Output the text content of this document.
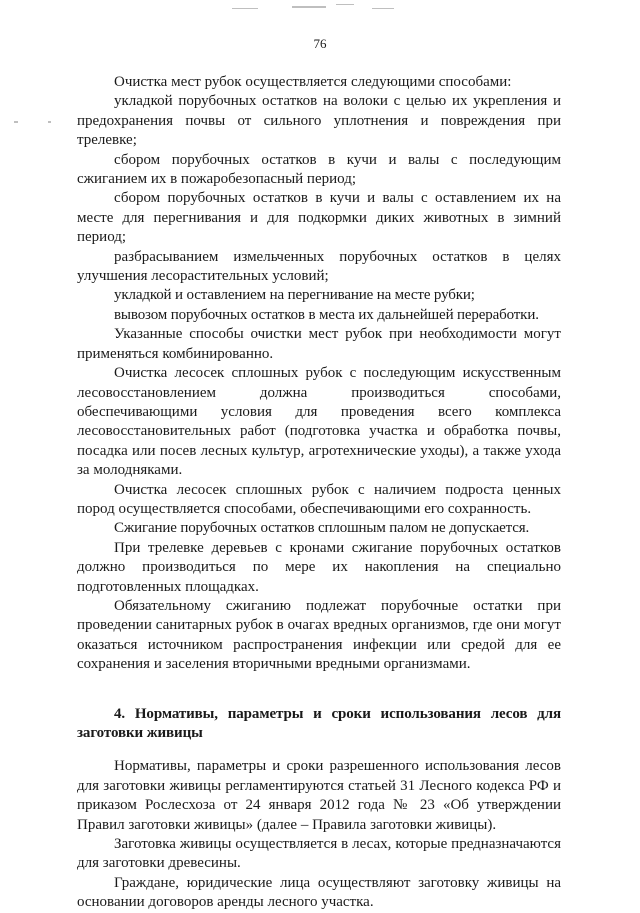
76

Очистка мест рубок осуществляется следующими способами:

укладкой порубочных остатков на волоки с целью их укрепления и предохранения почвы от сильного уплотнения и повреждения при трелевке;

сбором порубочных остатков в кучи и валы с последующим сжиганием их в пожаробезопасный период;

сбором порубочных остатков в кучи и валы с оставлением их на месте для перегнивания и для подкормки диких животных в зимний период;

разбрасыванием измельченных порубочных остатков в целях улучшения лесорастительных условий;

укладкой и оставлением на перегнивание на месте рубки;

вывозом порубочных остатков в места их дальнейшей переработки.

Указанные способы очистки мест рубок при необходимости могут применяться комбинированно.

Очистка лесосек сплошных рубок с последующим искусственным лесовосстановлением должна производиться способами, обеспечивающими условия для проведения всего комплекса лесовосстановительных работ (подготовка участка и обработка почвы, посадка или посев лесных культур, агротехнические уходы), а также ухода за молодняками.

Очистка лесосек сплошных рубок с наличием подроста ценных пород осуществляется способами, обеспечивающими его сохранность.

Сжигание порубочных остатков сплошным палом не допускается.

При трелевке деревьев с кронами сжигание порубочных остатков должно производиться по мере их накопления на специально подготовленных площадках.

Обязательному сжиганию подлежат порубочные остатки при проведении санитарных рубок в очагах вредных организмов, где они могут оказаться источником распространения инфекции или средой для ее сохранения и заселения вторичными вредными организмами.

4. Нормативы, параметры и сроки использования лесов для заготовки живицы

Нормативы, параметры и сроки разрешенного использования лесов для заготовки живицы регламентируются статьей 31 Лесного кодекса РФ и приказом Рослесхоза от 24 января 2012 года № 23 «Об утверждении Правил заготовки живицы» (далее – Правила заготовки живицы).

Заготовка живицы осуществляется в лесах, которые предназначаются для заготовки древесины.

Граждане, юридические лица осуществляют заготовку живицы на основании договоров аренды лесного участка.
